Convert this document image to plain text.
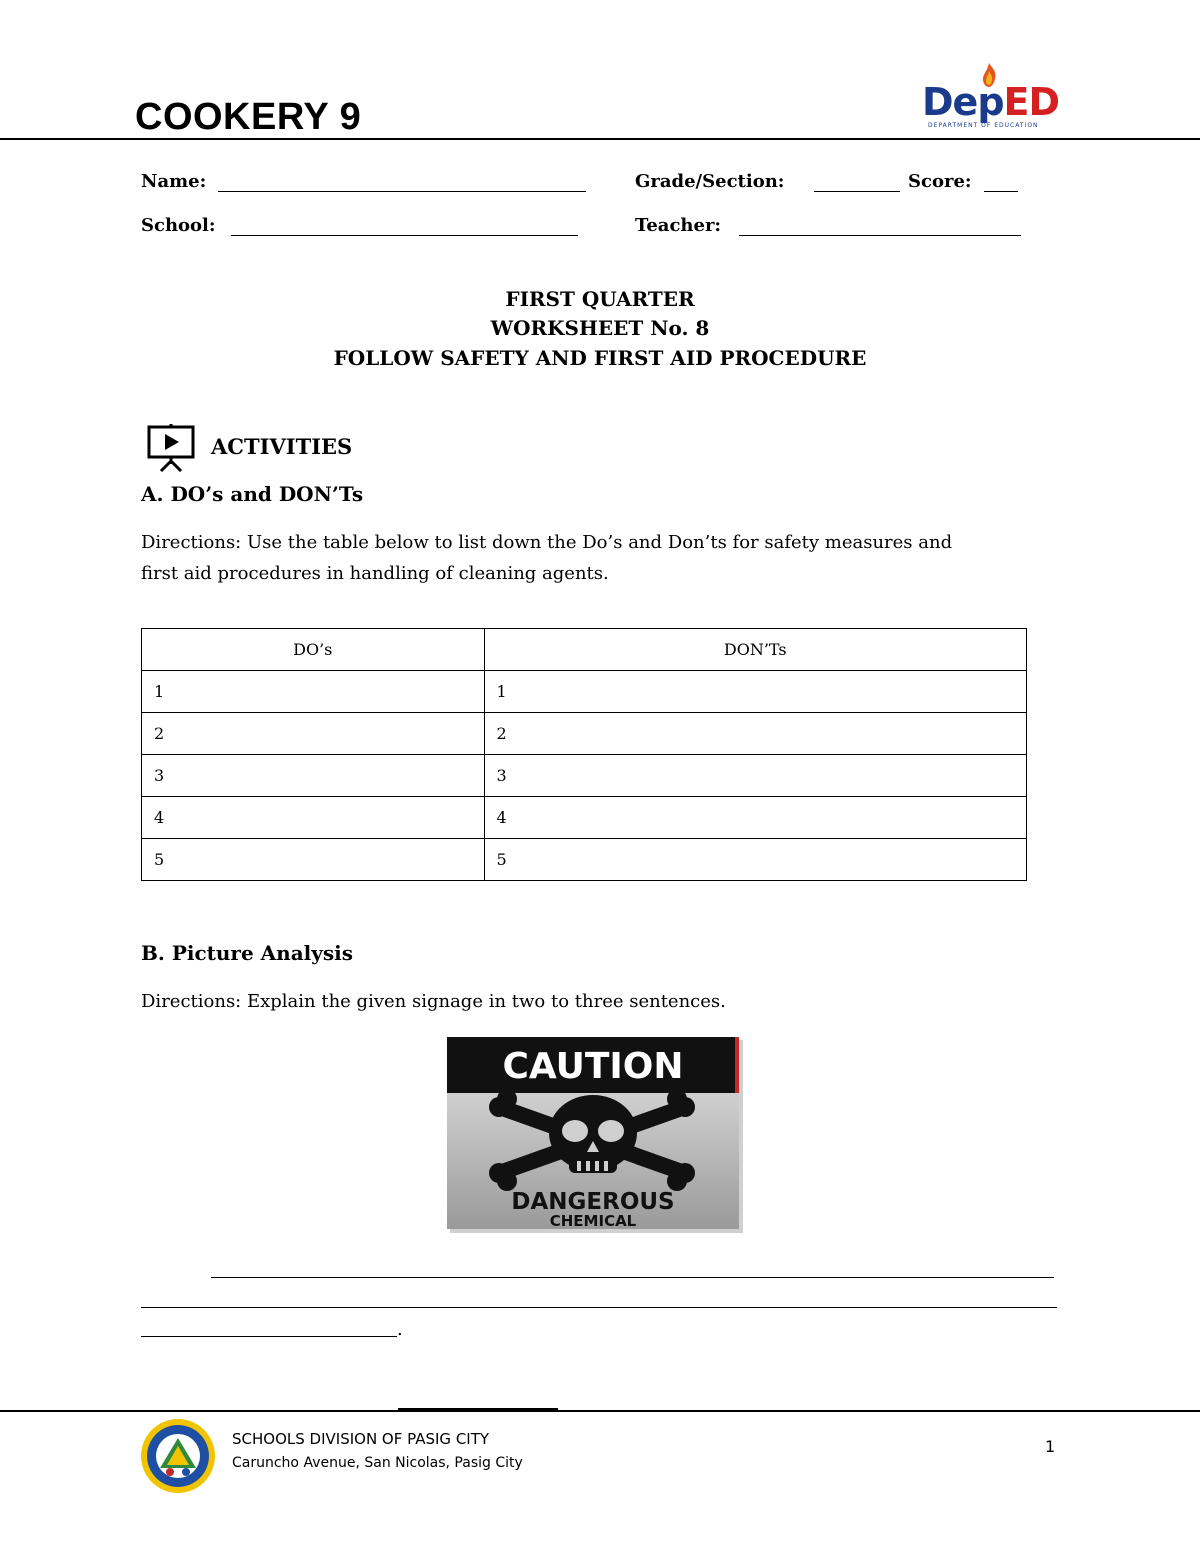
COOKERY 9	DepED
DEPARTMENT OF EDUCATION
Name:	Grade/Section:	Score:
School:	Teacher:
FIRST QUARTER
WORKSHEET No. 8
FOLLOW SAFETY AND FIRST AID PROCEDURE
ACTIVITIES
A. DO’s and DON’Ts
Directions: Use the table below to list down the Do’s and Don’ts for safety measures and
first aid procedures in handling of cleaning agents.
DO’s	DON’Ts
1	1
2	2
3	3
4	4
5	5
B. Picture Analysis
Directions: Explain the given signage in two to three sentences.
CAUTION
DANGEROUS
CHEMICAL
.
SCHOOLS DIVISION OF PASIG CITY
Caruncho Avenue, San Nicolas, Pasig City
1
